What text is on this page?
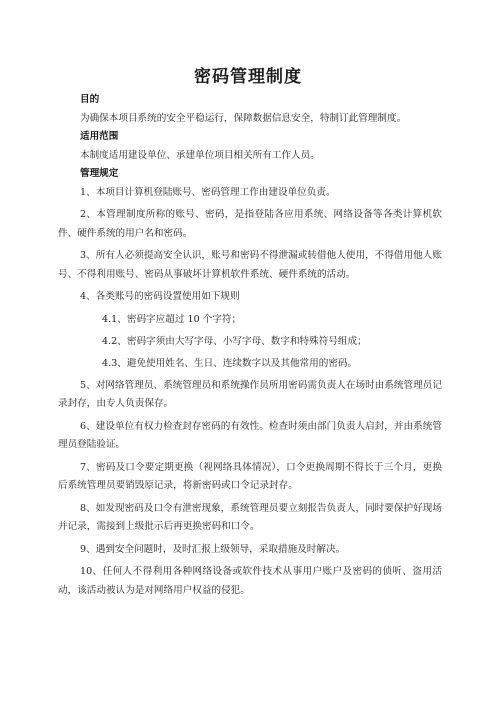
密码管理制度
目的

为确保本项目系统的安全平稳运行，保障数据信息安全，特制订此管理制度。

适用范围

本制度适用建设单位、承建单位项目相关所有工作人员。

管理规定

1、本项目计算机登陆账号、密码管理工作由建设单位负责。

2、本管理制度所称的账号、密码，是指登陆各应用系统、网络设备等各类计算机软件、硬件系统的用户名和密码。

3、所有人必须提高安全认识，账号和密码不得泄漏或转借他人使用，不得借用他人账号、不得利用账号、密码从事破坏计算机软件系统、硬件系统的活动。

4、各类账号的密码设置使用如下规则

4.1、密码字应超过 10 个字符；
4.2、密码字须由大写字母、小写字母、数字和特殊符号组成；
4.3、避免使用姓名、生日、连续数字以及其他常用的密码。

5、对网络管理员、系统管理员和系统操作员所用密码需负责人在场时由系统管理员记录封存，由专人负责保存。

6、建设单位有权力检查封存密码的有效性。检查时须由部门负责人启封，并由系统管理员登陆验证。

7、密码及口令要定期更换（视网络具体情况），口令更换周期不得长于三个月，更换后系统管理员要销毁原记录，将新密码或口令记录封存。

8、如发现密码及口令有泄密现象，系统管理员要立刻报告负责人，同时要保护好现场并记录，需接到上级批示后再更换密码和口令。

9、遇到安全问题时，及时汇报上级领导，采取措施及时解决。

10、任何人不得利用各种网络设备或软件技术从事用户账户及密码的侦听、盗用活动，该活动被认为是对网络用户权益的侵犯。
